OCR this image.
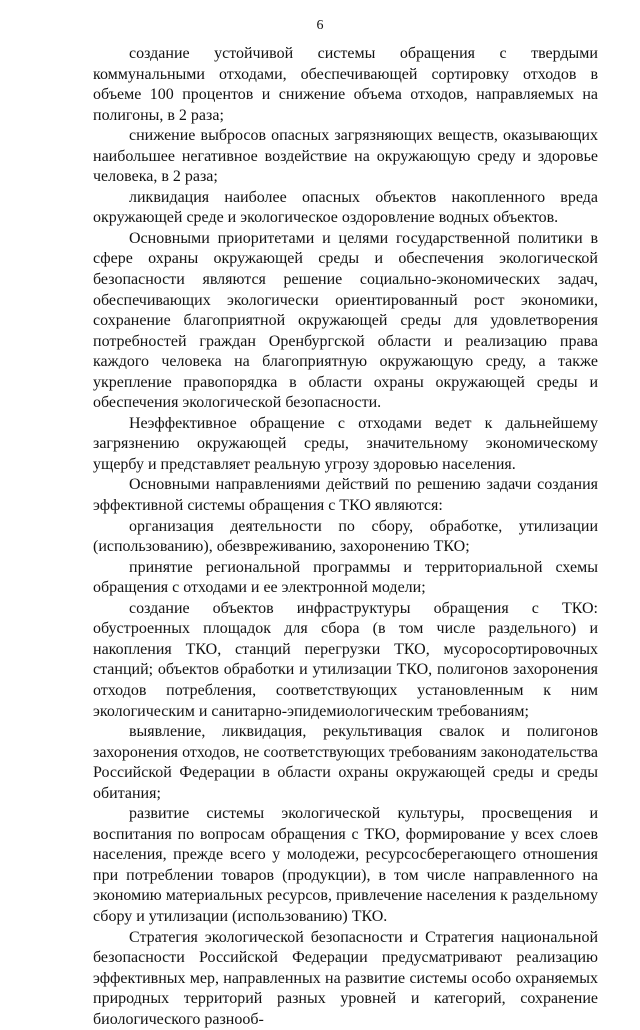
6

создание устойчивой системы обращения с твердыми коммунальными отходами, обеспечивающей сортировку отходов в объеме 100 процентов и снижение объема отходов, направляемых на полигоны, в 2 раза;

снижение выбросов опасных загрязняющих веществ, оказывающих наибольшее негативное воздействие на окружающую среду и здоровье человека, в 2 раза;

ликвидация наиболее опасных объектов накопленного вреда окружающей среде и экологическое оздоровление водных объектов.

Основными приоритетами и целями государственной политики в сфере охраны окружающей среды и обеспечения экологической безопасности являются решение социально-экономических задач, обеспечивающих экологически ориентированный рост экономики, сохранение благоприятной окружающей среды для удовлетворения потребностей граждан Оренбургской области и реализацию права каждого человека на благоприятную окружающую среду, а также укрепление правопорядка в области охраны окружающей среды и обеспечения экологической безопасности.

Неэффективное обращение с отходами ведет к дальнейшему загрязнению окружающей среды, значительному экономическому ущербу и представляет реальную угрозу здоровью населения.

Основными направлениями действий по решению задачи создания эффективной системы обращения с ТКО являются:

организация деятельности по сбору, обработке, утилизации (использованию), обезвреживанию, захоронению ТКО;

принятие региональной программы и территориальной схемы обращения с отходами и ее электронной модели;

создание объектов инфраструктуры обращения с ТКО: обустроенных площадок для сбора (в том числе раздельного) и накопления ТКО, станций перегрузки ТКО, мусоросортировочных станций; объектов обработки и утилизации ТКО, полигонов захоронения отходов потребления, соответствующих установленным к ним экологическим и санитарно-эпидемиологическим требованиям;

выявление, ликвидация, рекультивация свалок и полигонов захоронения отходов, не соответствующих требованиям законодательства Российской Федерации в области охраны окружающей среды и среды обитания;

развитие системы экологической культуры, просвещения и воспитания по вопросам обращения с ТКО, формирование у всех слоев населения, прежде всего у молодежи, ресурсосберегающего отношения при потреблении товаров (продукции), в том числе направленного на экономию материальных ресурсов, привлечение населения к раздельному сбору и утилизации (использованию) ТКО.

Стратегия экологической безопасности и Стратегия национальной безопасности Российской Федерации предусматривают реализацию эффективных мер, направленных на развитие системы особо охраняемых природных территорий разных уровней и категорий, сохранение биологического разнооб-
